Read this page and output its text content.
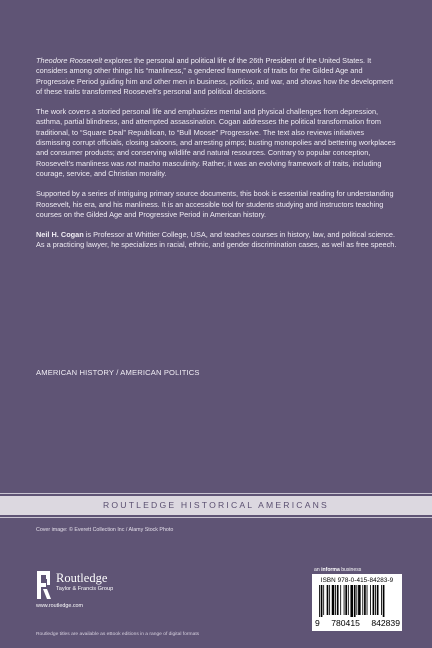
Theodore Roosevelt explores the personal and political life of the 26th President of the United States. It considers among other things his “manliness,” a gendered framework of traits for the Gilded Age and Progressive Period guiding him and other men in business, politics, and war, and shows how the development of these traits transformed Roosevelt’s personal and political decisions.

The work covers a storied personal life and emphasizes mental and physical challenges from depression, asthma, partial blindness, and attempted assassination. Cogan addresses the political transformation from traditional, to “Square Deal” Republican, to “Bull Moose” Progressive. The text also reviews initiatives dismissing corrupt officials, closing saloons, and arresting pimps; busting monopolies and bettering workplaces and consumer products; and conserving wildlife and natural resources. Contrary to popular conception, Roosevelt’s manliness was not macho masculinity. Rather, it was an evolving framework of traits, including courage, service, and Christian morality.

Supported by a series of intriguing primary source documents, this book is essential reading for understanding Roosevelt, his era, and his manliness. It is an accessible tool for students studying and instructors teaching courses on the Gilded Age and Progressive Period in American history.

Neil H. Cogan is Professor at Whittier College, USA, and teaches courses in history, law, and political science. As a practicing lawyer, he specializes in racial, ethnic, and gender discrimination cases, as well as free speech.

AMERICAN HISTORY / AMERICAN POLITICS
ROUTLEDGE HISTORICAL AMERICANS
Cover image: © Everett Collection Inc / Alamy Stock Photo
Routledge
Taylor & Francis Group
www.routledge.com
an informa business
ISBN 978-0-415-84283-9
9 780415 842839
Routledge titles are available as eBook editions in a range of digital formats
